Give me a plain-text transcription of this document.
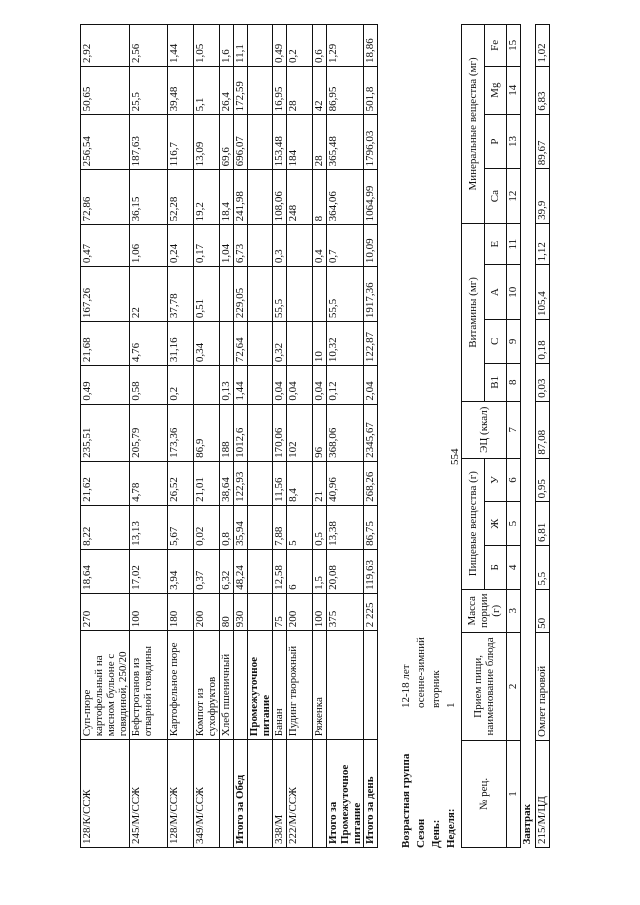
128/К/ССЖ	Суп-пюре картофельный на мясном бульоне с говядиной, 250/20	270	18,64	8,22	21,62	235,51	0,49	21,68	167,26	0,47	72,86	256,54	50,65	2,92
245/М/ССЖ	Бефстроганов из отварной говядины	100	17,02	13,13	4,78	205,79	0,58	4,76	22	1,06	36,15	187,63	25,5	2,56
128/М/ССЖ	Картофельное пюре	180	3,94	5,67	26,52	173,36	0,2	31,16	37,78	0,24	52,28	116,7	39,48	1,44
349/М/ССЖ	Компот из сухофруктов	200	0,37	0,02	21,01	86,9		0,34	0,51	0,17	19,2	13,09	5,1	1,05
	Хлеб пшеничный	80	6,32	0,8	38,64	188	0,13			1,04	18,4	69,6	26,4	1,6
Итого за Обед		930	48,24	35,94	122,93	1012,6	1,44	72,64	229,05	6,73	241,98	696,07	172,59	11,1
	Промежуточное питание													
338/М	Банан	75	12,58	7,88	11,56	170,06	0,04	0,32	55,5	0,3	108,06	153,48	16,95	0,49
222/М/ССЖ	Пудинг творожный	200	6	5	8,4	102	0,04				248	184	28	0,2
	Ряженка	100	1,5	0,5	21	96	0,04	10		0,4	8	28	42	0,6
Итого за Промежуточное питание		375	20,08	13,38	40,96	368,06	0,12	10,32	55,5	0,7	364,06	365,48	86,95	1,29
Итого за день		2 225	119,63	86,75	268,26	2345,67	2,04	122,87	1917,36	10,09	1064,99	1796,03	501,8	18,86
554
Возрастная группа12-18 лет
Сезоносенне-зимний
День:вторник
Неделя:1
№ рец.	Прием пищи, наименование блюда	Масса порции (г)	Пищевые вещества (г)			ЭЦ (ккал)	Витамины (мг)				Минеральные вещества (мг)			
			Б	Ж	У		B1	C	A	E	Ca	P	Mg	Fe
1	2	3	4	5	6	7	8	9	10	11	12	13	14	15
Завтрак														
215/М/ЦД	Омлет паровой	50	5,5	6,81	0,95	87,08	0,03	0,18	105,4	1,12	39,9	89,67	6,83	1,02
